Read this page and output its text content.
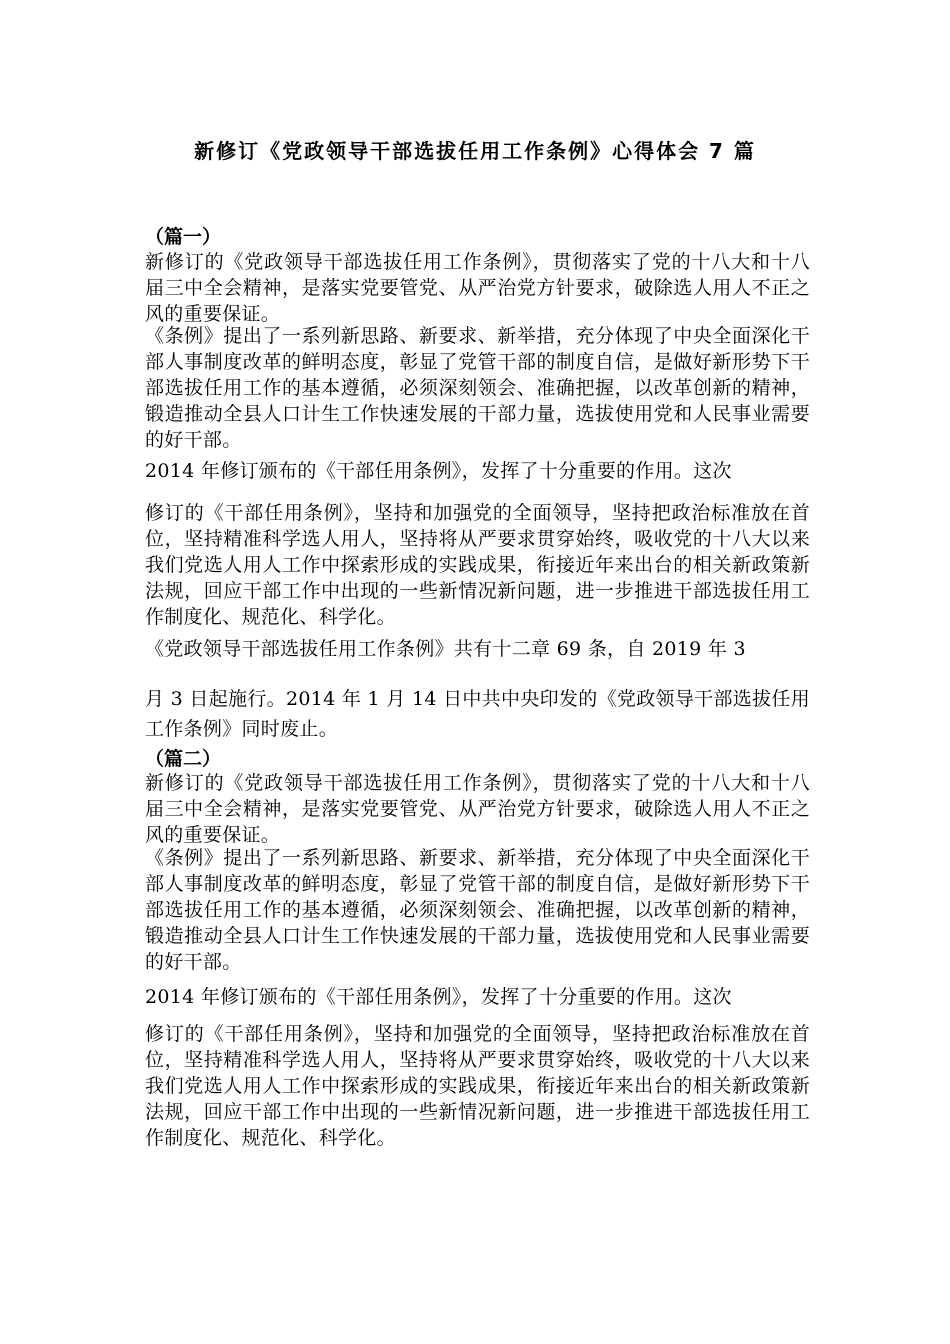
新修订《党政领导干部选拔任用工作条例》心得体会 7 篇
（篇一）

新修订的《党政领导干部选拔任用工作条例》，贯彻落实了党的十八大和十八届三中全会精神，是落实党要管党、从严治党方针要求，破除选人用人不正之风的重要保证。

《条例》提出了一系列新思路、新要求、新举措，充分体现了中央全面深化干部人事制度改革的鲜明态度，彰显了党管干部的制度自信，是做好新形势下干部选拔任用工作的基本遵循，必须深刻领会、准确把握，以改革创新的精神，锻造推动全县人口计生工作快速发展的干部力量，选拔使用党和人民事业需要的好干部。

2014 年修订颁布的《干部任用条例》，发挥了十分重要的作用。这次

修订的《干部任用条例》，坚持和加强党的全面领导，坚持把政治标准放在首位，坚持精准科学选人用人，坚持将从严要求贯穿始终，吸收党的十八大以来我们党选人用人工作中探索形成的实践成果，衔接近年来出台的相关新政策新法规，回应干部工作中出现的一些新情况新问题，进一步推进干部选拔任用工作制度化、规范化、科学化。

《党政领导干部选拔任用工作条例》共有十二章 69 条，自 2019 年 3

月 3 日起施行。2014 年 1 月 14 日中共中央印发的《党政领导干部选拔任用工作条例》同时废止。

（篇二）

新修订的《党政领导干部选拔任用工作条例》，贯彻落实了党的十八大和十八届三中全会精神，是落实党要管党、从严治党方针要求，破除选人用人不正之风的重要保证。

《条例》提出了一系列新思路、新要求、新举措，充分体现了中央全面深化干部人事制度改革的鲜明态度，彰显了党管干部的制度自信，是做好新形势下干部选拔任用工作的基本遵循，必须深刻领会、准确把握，以改革创新的精神，锻造推动全县人口计生工作快速发展的干部力量，选拔使用党和人民事业需要的好干部。

2014 年修订颁布的《干部任用条例》，发挥了十分重要的作用。这次

修订的《干部任用条例》，坚持和加强党的全面领导，坚持把政治标准放在首位，坚持精准科学选人用人，坚持将从严要求贯穿始终，吸收党的十八大以来我们党选人用人工作中探索形成的实践成果，衔接近年来出台的相关新政策新法规，回应干部工作中出现的一些新情况新问题，进一步推进干部选拔任用工作制度化、规范化、科学化。
